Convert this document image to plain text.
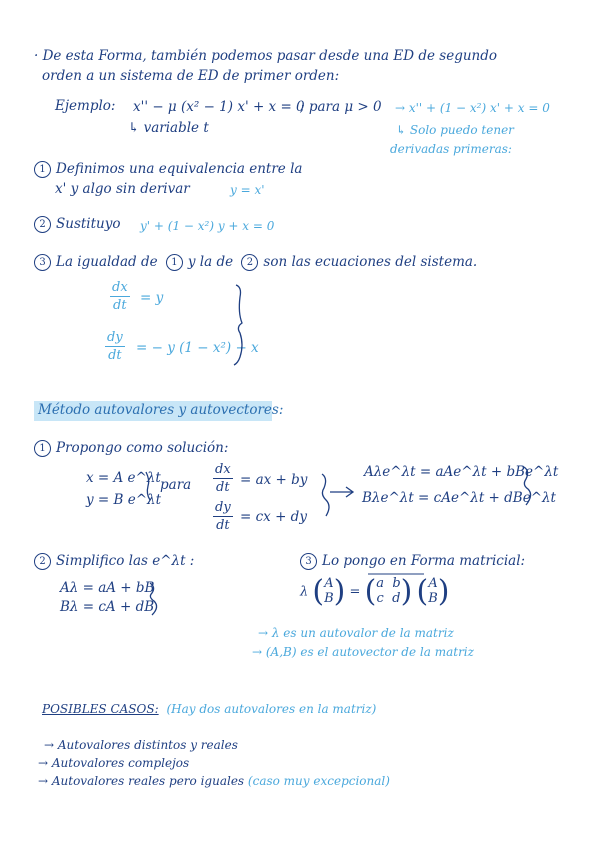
· De esta Forma, también podemos pasar desde una ED de segundo
orden a un sistema de ED de primer orden:
Ejemplo: x'' − μ (x² − 1) x' + x = 0
; para μ > 0 → x'' + (1 − x²) x' + x = 0
↳ variable t	↳ Solo puedo tener
derivadas primeras:
1 Definimos una equivalencia entre la
x' y algo sin derivar	y = x'
2 Sustituyo y' + (1 − x²) y + x = 0
3 La igualdad de 1 y la de 2 son las ecuaciones del sistema.
$\frac{dx}{dt} = y$
$\frac{dy}{dt}$ = − y (1 − x²) − x
Método autovalores y autovectores:
1 Propongo como solución:
x = A e^λt
y = B e^λt
para $\frac{dx}{dt}$ = ax + by
$\frac{dy}{dt}$ = cx + dy
Aλe^λt = aAe^λt + bBe^λt
Bλe^λt = cAe^λt + dBe^λt
2 Simplifico las e^λt :
Aλ = aA + bB
Bλ = cA + dB
3 Lo pongo en Forma matricial:
λ (A
B) = (a b
c d) (A
B)
→ λ es un autovalor de la matriz
→ (A,B) es el autovector de la matriz
POSIBLES CASOS: (Hay dos autovalores en la matriz)
→ Autovalores distintos y reales
→ Autovalores complejos
→ Autovalores reales pero iguales (caso muy excepcional)
